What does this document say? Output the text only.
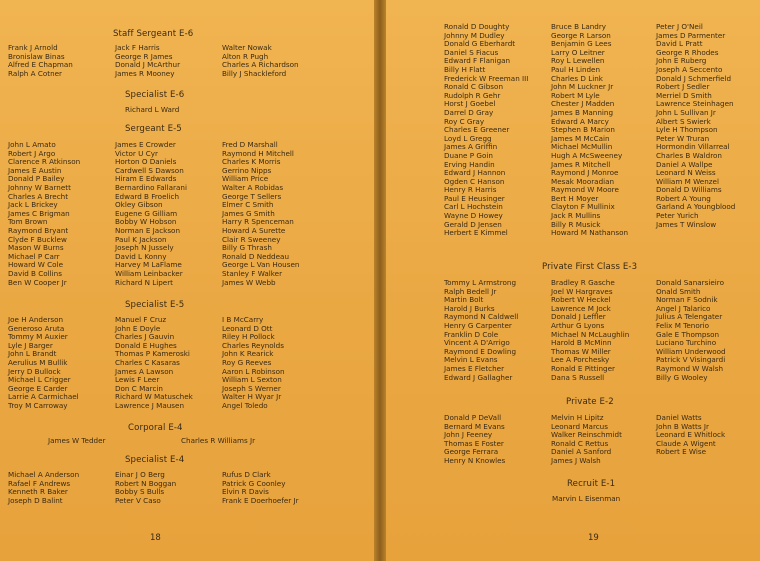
Staff Sergeant E-6
Frank J Arnold
Bronislaw Binas
Alfred E Chapman
Ralph A Cotner
Jack F Harris
George R James
Donald J McArthur
James R Mooney
Walter Nowak
Alton R Pugh
Charles A Richardson
Billy J Shackleford
Specialist E-6
Richard L Ward
Sergeant E-5
John L Amato
Robert J Argo
Clarence R Atkinson
James E Austin
Donald P Bailey
Johnny W Barnett
Charles A Brecht
Jack L Brickey
James C Brigman
Tom Brown
Raymond Bryant
Clyde F Bucklew
Mason W Burns
Michael P Carr
Howard W Cole
David B Collins
Ben W Cooper Jr
James E Crowder
Victor U Cyr
Horton O Daniels
Cardwell S Dawson
Hiram E Edwards
Bernardino Fallarani
Edward B Froelich
Okley Gibson
Eugene G Gilliam
Bobby W Hobson
Norman E Jackson
Paul K Jackson
Joseph N Jussely
David L Konny
Harvey M LaFlame
William Leinbacker
Richard N Lipert
Fred D Marshall
Raymond H Mitchell
Charles K Morris
Gerrino Nipps
William Price
Walter A Robidas
George T Sellers
Elmer C Smith
James G Smith
Harry R Spenceman
Howard A Surette
Clair R Sweeney
Billy G Thrash
Ronald D Neddeau
George L Van Housen
Stanley F Walker
James W Webb
Specialist E-5
Joe H Anderson
Generoso Aruta
Tommy M Auxier
Lyle J Barger
John L Brandt
Aerulius M Bullik
Jerry D Bullock
Michael L Crigger
George E Carder
Larrie A Carmichael
Troy M Carroway
Manuel F Cruz
John E Doyle
Charles J Gauvin
Donald E Hughes
Thomas P Kameroski
Charles C Kasaras
James A Lawson
Lewis F Leer
Don C Marcin
Richard W Matuschek
Lawrence J Mausen
I B McCarry
Leonard D Ott
Riley H Pollock
Charles Reynolds
John K Rearick
Roy G Reeves
Aaron L Robinson
William L Sexton
Joseph S Werner
Walter H Wyar Jr
Angel Toledo
Corporal E-4
James W Tedder	Charles R Williams Jr
Specialist E-4
Michael A Anderson
Rafael F Andrews
Kenneth R Baker
Joseph D Balint
Einar J O Berg
Robert N Boggan
Bobby S Bulls
Peter V Caso
Rufus D Clark
Patrick G Coonley
Elvin R Davis
Frank E Doerhoefer Jr
18
Ronald D Doughty
Johnny M Dudley
Donald G Eberhardt
Daniel S Fiacus
Edward F Flanigan
Billy H Flatt
Frederick W Freeman III
Ronald C Gibson
Rudolph R Gehr
Horst J Goebel
Darrel D Gray
Roy C Gray
Charles E Greener
Loyd L Gregg
James A Griffin
Duane P Goin
Erving Handin
Edward J Hannon
Ogden C Hanson
Henry R Harris
Paul E Heusinger
Carl L Hochstein
Wayne D Howey
Gerald D Jensen
Herbert E Kimmel
Bruce B Landry
George R Larson
Benjamin G Lees
Larry O Leitner
Roy L Lewellen
Paul H Linden
Charles D Link
John M Luckner Jr
Robert M Lyle
Chester J Madden
James B Manning
Edward A Marcy
Stephen B Marion
James M McCain
Michael McMullin
Hugh A McSweeney
James R Mitchell
Raymond J Monroe
Mesak Mooradian
Raymond W Moore
Bert H Moyer
Clayton F Mullinix
Jack R Mullins
Billy R Musick
Howard M Nathanson
Peter J O'Neil
James D Parmenter
David L Pratt
George R Rhodes
John E Ruberg
Joseph A Seccento
Donald J Schmerfield
Robert J Sedler
Merriel D Smith
Lawrence Steinhagen
John L Sullivan Jr
Albert S Swierk
Lyle H Thompson
Peter W Truran
Hormondin Villarreal
Charles B Waldron
Daniel A Wallpe
Leonard N Weiss
William M Wenzel
Donald D Williams
Robert A Young
Garland A Youngblood
Peter Yurich
James T Winslow
Private First Class E-3
Tommy L Armstrong
Ralph Bedell Jr
Martin Bolt
Harold J Burks
Raymond N Caldwell
Henry G Carpenter
Franklin D Cole
Vincent A D'Arrigo
Raymond E Dowling
Melvin L Evans
James E Fletcher
Edward J Gallagher
Bradley R Gasche
Joel W Hargraves
Robert W Heckel
Lawrence M Jock
Donald J Leffler
Arthur G Lyons
Michael N McLaughlin
Harold B McMinn
Thomas W Miller
Lee A Porchesky
Ronald E Pittinger
Dana S Russell
Donald Sanarsieiro
Onald Smith
Norman F Sodnik
Angel J Talarico
Julius A Telengater
Felix M Tenorio
Gale E Thompson
Luciano Turchino
William Underwood
Patrick V Visingardi
Raymond W Walsh
Billy G Wooley
Private E-2
Donald P DeVall
Bernard M Evans
John J Feeney
Thomas E Foster
George Ferrara
Henry N Knowles
Melvin H Lipitz
Leonard Marcus
Walker Reinschmidt
Ronald C Rettus
Daniel A Sanford
James J Walsh
Daniel Watts
John B Watts Jr
Leonard E Whitlock
Claude A Wigent
Robert E Wise
Recruit E-1
Marvin L Eisenman
19
